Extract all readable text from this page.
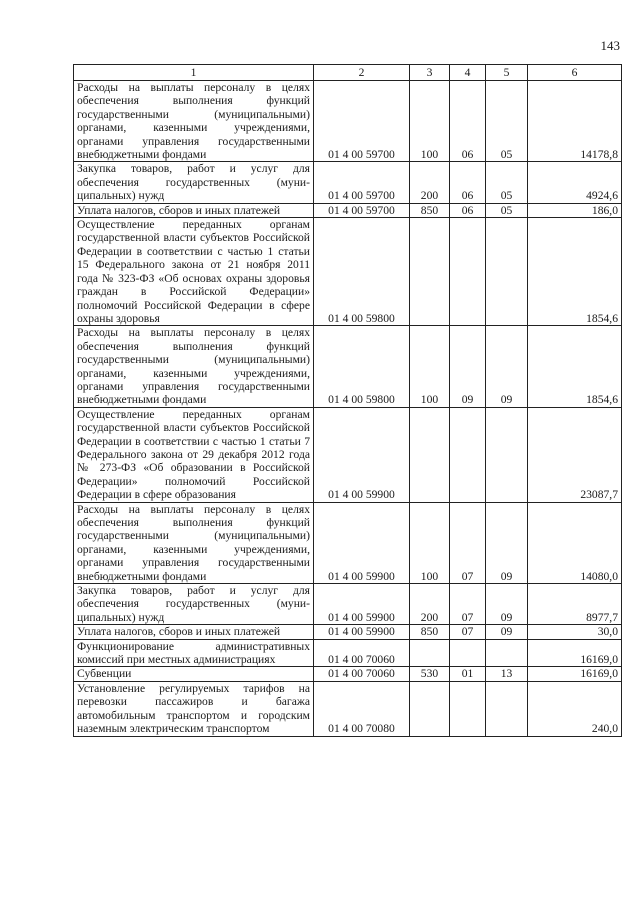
143
1	2	3	4	5	6
Расходы на выплаты персоналу в целях обеспечения выполнения функций государственными (муниципальными) органами, казенными учреждениями, органами управления государственными внебюджетными фондами	01 4 00 59700	100	06	05	14178,8
Закупка товаров, работ и услуг для обеспечения государственных (муниципальных) нужд	01 4 00 59700	200	06	05	4924,6
Уплата налогов, сборов и иных платежей	01 4 00 59700	850	06	05	186,0
Осуществление переданных органам государственной власти субъектов Российской Федерации в соответствии с частью 1 статьи 15 Федерального закона от 21 ноября 2011 года № 323-ФЗ «Об основах охраны здоровья граждан в Российской Федерации» полномочий Российской Федерации в сфере охраны здоровья	01 4 00 59800				1854,6
Расходы на выплаты персоналу в целях обеспечения выполнения функций государственными (муниципальными) органами, казенными учреждениями, органами управления государственными внебюджетными фондами	01 4 00 59800	100	09	09	1854,6
Осуществление переданных органам государственной власти субъектов Российской Федерации в соответствии с частью 1 статьи 7 Федерального закона от 29 декабря 2012 года № 273-ФЗ «Об образовании в Российской Федерации» полномочий Российской Федерации в сфере образования	01 4 00 59900				23087,7
Расходы на выплаты персоналу в целях обеспечения выполнения функций государственными (муниципальными) органами, казенными учреждениями, органами управления государственными внебюджетными фондами	01 4 00 59900	100	07	09	14080,0
Закупка товаров, работ и услуг для обеспечения государственных (муниципальных) нужд	01 4 00 59900	200	07	09	8977,7
Уплата налогов, сборов и иных платежей	01 4 00 59900	850	07	09	30,0
Функционирование административных комиссий при местных администрациях	01 4 00 70060				16169,0
Субвенции	01 4 00 70060	530	01	13	16169,0
Установление регулируемых тарифов на перевозки пассажиров и багажа автомобильным транспортом и городским наземным электрическим транспортом	01 4 00 70080				240,0
